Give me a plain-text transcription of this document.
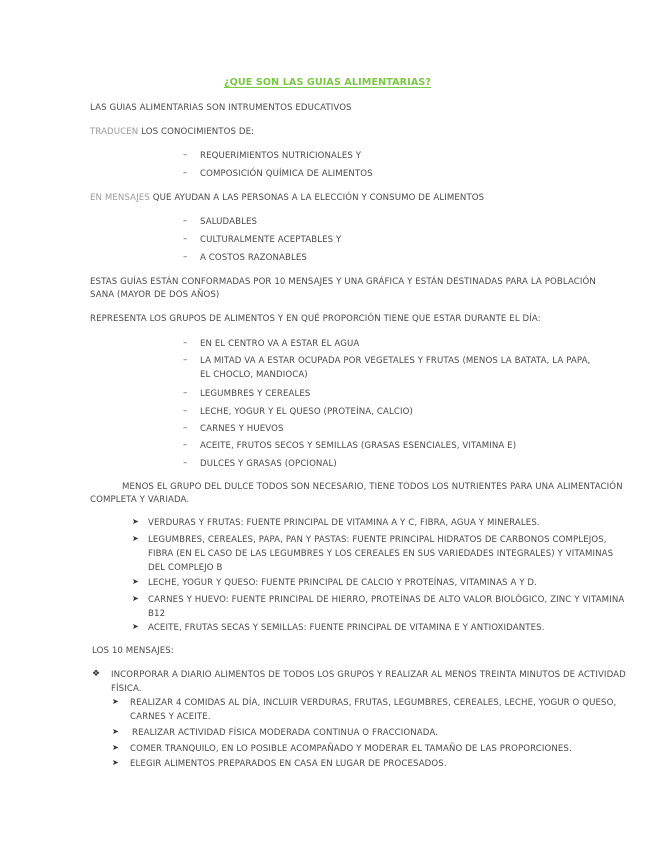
¿QUE SON LAS GUIAS ALIMENTARIAS?
LAS GUIAS ALIMENTARIAS SON INTRUMENTOS EDUCATIVOS
TRADUCEN LOS CONOCIMIENTOS DE:
–	REQUERIMIENTOS NUTRICIONALES Y
–	COMPOSICIÓN QUÍMICA DE ALIMENTOS
EN MENSAJES QUE AYUDAN A LAS PERSONAS A LA ELECCIÓN Y CONSUMO DE ALIMENTOS
–	SALUDABLES
–	CULTURALMENTE ACEPTABLES Y
–	A COSTOS RAZONABLES
ESTAS GUÍAS ESTÁN CONFORMADAS POR 10 MENSAJES Y UNA GRÁFICA Y ESTÁN DESTINADAS PARA LA POBLACIÓN
SANA (MAYOR DE DOS AÑOS)
REPRESENTA LOS GRUPOS DE ALIMENTOS Y EN QUÉ PROPORCIÓN TIENE QUE ESTAR DURANTE EL DÍA:
–	EN EL CENTRO VA A ESTAR EL AGUA
–	LA MITAD VA A ESTAR OCUPADA POR VEGETALES Y FRUTAS (MENOS LA BATATA, LA PAPA,
EL CHOCLO, MANDIOCA)
–	LEGUMBRES Y CEREALES
–	LECHE, YOGUR Y EL QUESO (PROTEÍNA, CALCIO)
–	CARNES Y HUEVOS
–	ACEITE, FRUTOS SECOS Y SEMILLAS (GRASAS ESENCIALES, VITAMINA E)
–	DULCES Y GRASAS (OPCIONAL)
MENOS EL GRUPO DEL DULCE TODOS SON NECESARIO, TIENE TODOS LOS NUTRIENTES PARA UNA ALIMENTACIÓN
COMPLETA Y VARIADA.
➤ VERDURAS Y FRUTAS: FUENTE PRINCIPAL DE VITAMINA A Y C, FIBRA, AGUA Y MINERALES.
➤ LEGUMBRES, CEREALES, PAPA, PAN Y PASTAS: FUENTE PRINCIPAL HIDRATOS DE CARBONOS COMPLEJOS,
FIBRA (EN EL CASO DE LAS LEGUMBRES Y LOS CEREALES EN SUS VARIEDADES INTEGRALES) Y VITAMINAS
DEL COMPLEJO B
➤ LECHE, YOGUR Y QUESO: FUENTE PRINCIPAL DE CALCIO Y PROTEÍNAS, VITAMINAS A Y D.
➤ CARNES Y HUEVO: FUENTE PRINCIPAL DE HIERRO, PROTEÍNAS DE ALTO VALOR BIOLÓGICO, ZINC Y VITAMINA
B12
➤ ACEITE, FRUTAS SECAS Y SEMILLAS: FUENTE PRINCIPAL DE VITAMINA E Y ANTIOXIDANTES.
LOS 10 MENSAJES:
❖ INCORPORAR A DIARIO ALIMENTOS DE TODOS LOS GRUPOS Y REALIZAR AL MENOS TREINTA MINUTOS DE ACTIVIDAD
FÍSICA.
➤ REALIZAR 4 COMIDAS AL DÍA, INCLUIR VERDURAS, FRUTAS, LEGUMBRES, CEREALES, LECHE, YOGUR O QUESO,
CARNES Y ACEITE.
➤ REALIZAR ACTIVIDAD FÍSICA MODERADA CONTINUA O FRACCIONADA.
➤ COMER TRANQUILO, EN LO POSIBLE ACOMPAÑADO Y MODERAR EL TAMAÑO DE LAS PROPORCIONES.
➤ ELEGIR ALIMENTOS PREPARADOS EN CASA EN LUGAR DE PROCESADOS.
